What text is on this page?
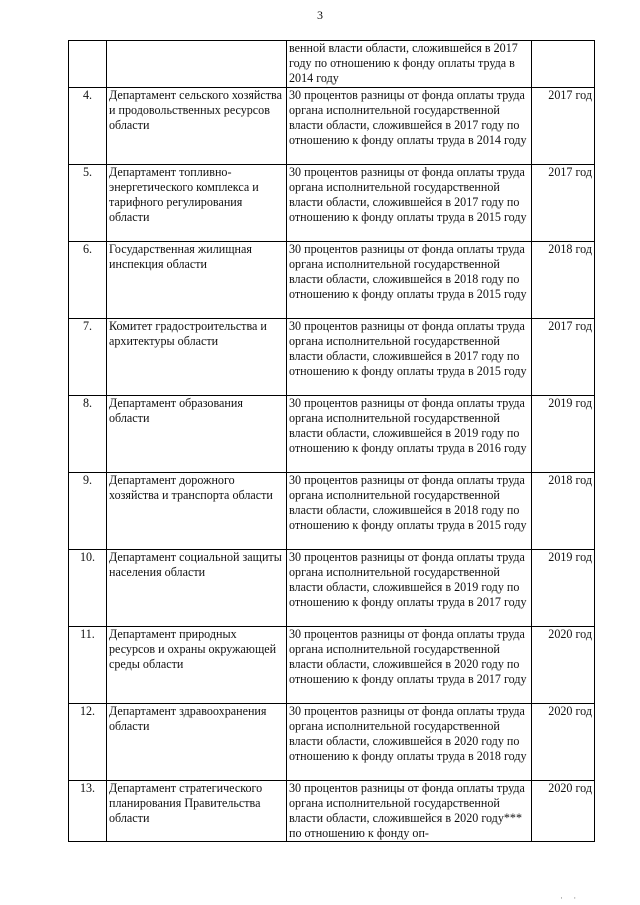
3
		венной власти области, сложившейся в 2017 году по отношению к фонду оплаты труда в 2014 году	
4.	Департамент сельского хозяйства и продовольственных ресурсов области	30 процентов разницы от фонда оплаты труда органа исполнительной государственной власти области, сложившейся в 2017 году по отношению к фонду оплаты труда в 2014 году	2017 год
5.	Департамент топливно-энергетического комплекса и тарифного регулирования области	30 процентов разницы от фонда оплаты труда органа исполнительной государственной власти области, сложившейся в 2017 году по отношению к фонду оплаты труда в 2015 году	2017 год
6.	Государственная жилищная инспекция области	30 процентов разницы от фонда оплаты труда органа исполнительной государственной власти области, сложившейся в 2018 году по отношению к фонду оплаты труда в 2015 году	2018 год
7.	Комитет градостроительства и архитектуры области	30 процентов разницы от фонда оплаты труда органа исполнительной государственной власти области, сложившейся в 2017 году по отношению к фонду оплаты труда в 2015 году	2017 год
8.	Департамент образования области	30 процентов разницы от фонда оплаты труда органа исполнительной государственной власти области, сложившейся в 2019 году по отношению к фонду оплаты труда в 2016 году	2019 год
9.	Департамент дорожного хозяйства и транспорта области	30 процентов разницы от фонда оплаты труда органа исполнительной государственной власти области, сложившейся в 2018 году по отношению к фонду оплаты труда в 2015 году	2018 год
10.	Департамент социальной защиты населения области	30 процентов разницы от фонда оплаты труда органа исполнительной государственной власти области, сложившейся в 2019 году по отношению к фонду оплаты труда в 2017 году	2019 год
11.	Департамент природных ресурсов и охраны окружающей среды области	30 процентов разницы от фонда оплаты труда органа исполнительной государственной власти области, сложившейся в 2020 году по отношению к фонду оплаты труда в 2017 году	2020 год
12.	Департамент здравоохранения области	30 процентов разницы от фонда оплаты труда органа исполнительной государственной власти области, сложившейся в 2020 году по отношению к фонду оплаты труда в 2018 году	2020 год
13.	Департамент стратегического планирования Правительства области	30 процентов разницы от фонда оплаты труда органа исполнительной государственной власти области, сложившейся в 2020 году*** по отношению к фонду оп-	2020 год
· ·
